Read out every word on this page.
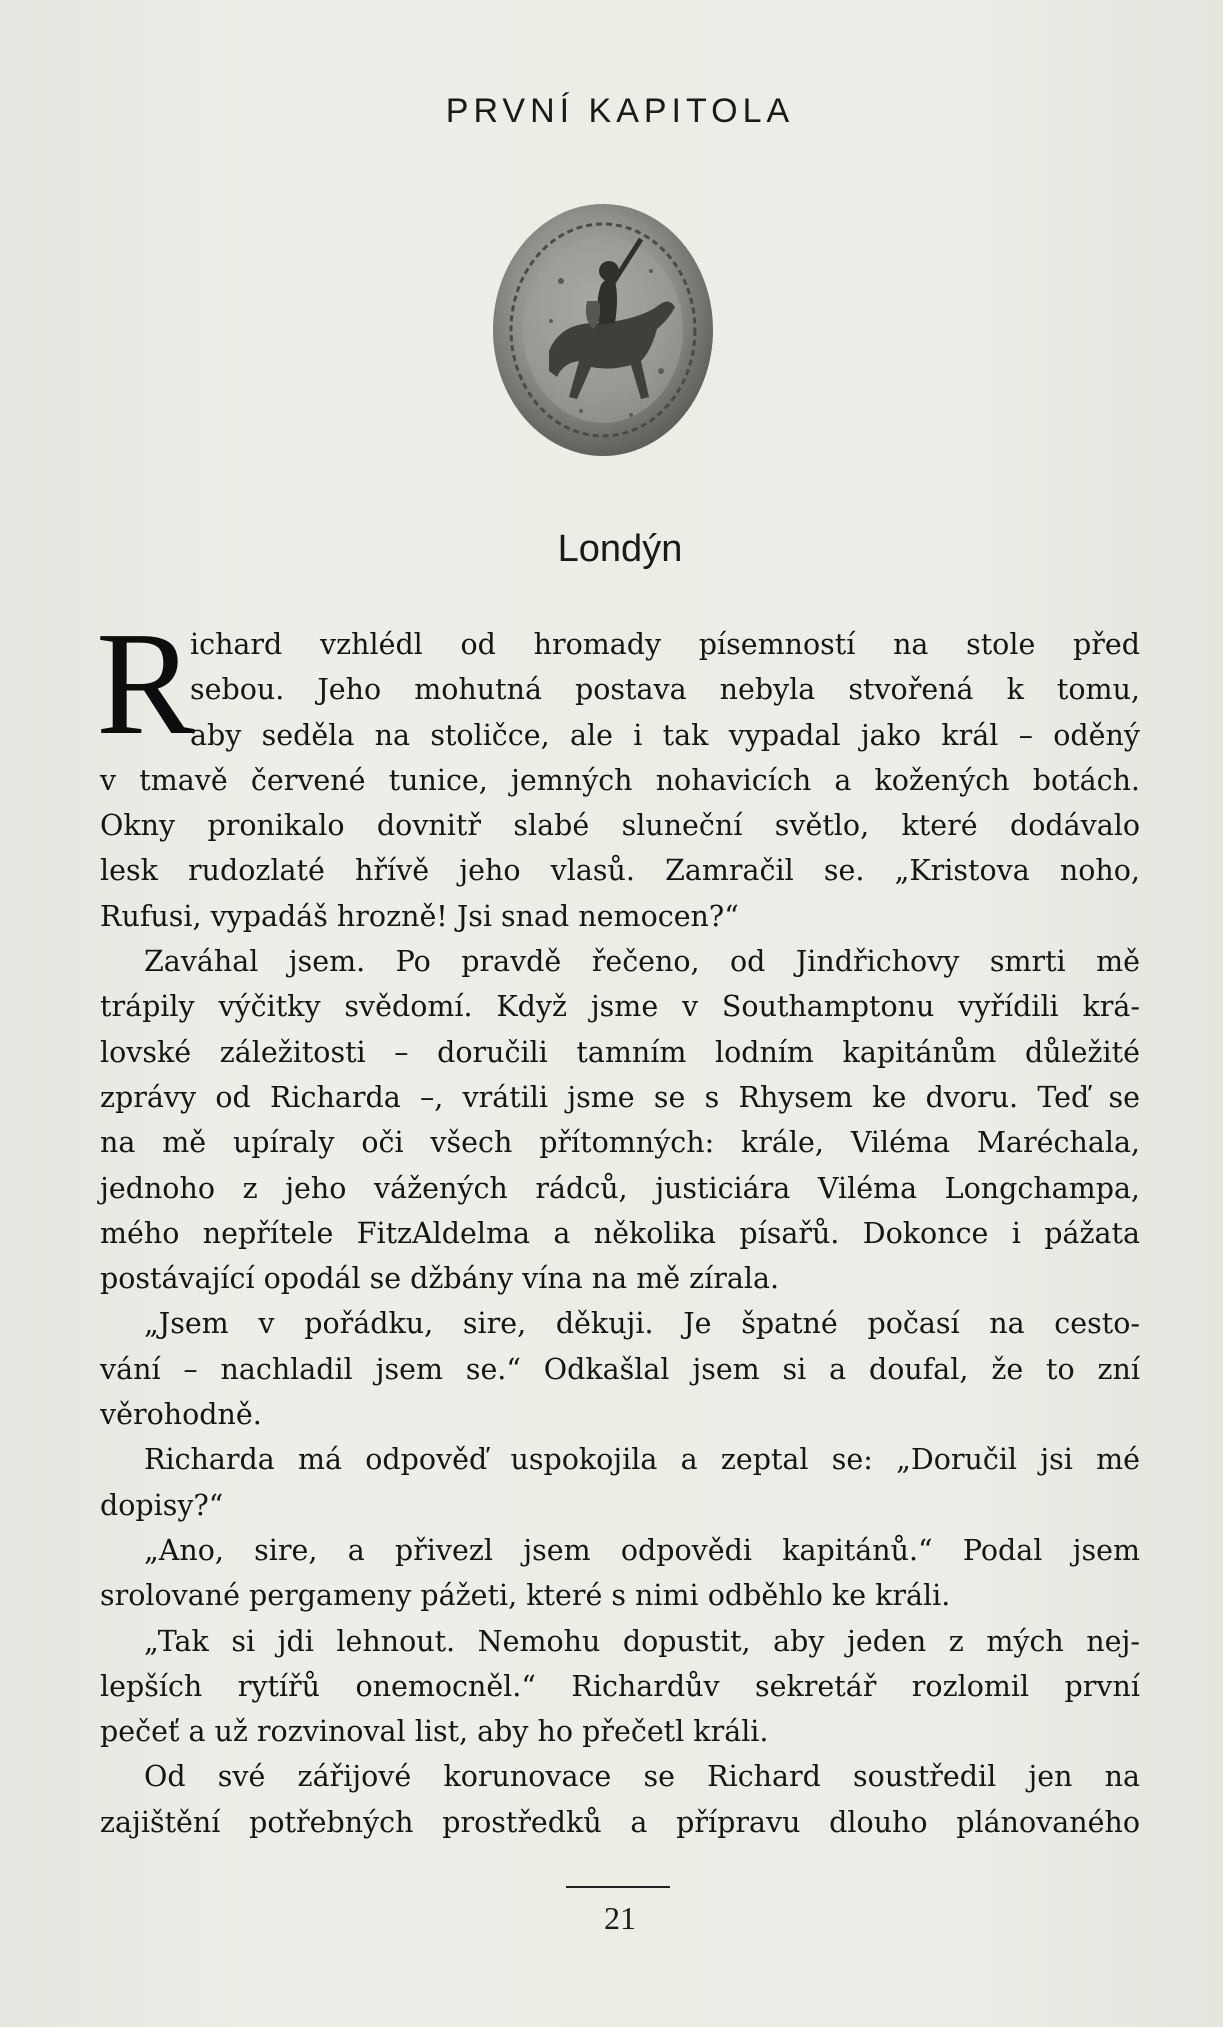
PRVNÍ KAPITOLA
Londýn
R
ichard vzhlédl od hromady písemností na stole před
sebou. Jeho mohutná postava nebyla stvořená k tomu,
aby seděla na stoličce, ale i tak vypadal jako král – oděný
v tmavě červené tunice, jemných nohavicích a kožených botách.
Okny pronikalo dovnitř slabé sluneční světlo, které dodávalo
lesk rudozlaté hřívě jeho vlasů. Zamračil se. „Kristova noho,
Rufusi, vypadáš hrozně! Jsi snad nemocen?“
Zaváhal jsem. Po pravdě řečeno, od Jindřichovy smrti mě
trápily výčitky svědomí. Když jsme v Southamptonu vyřídili krá-
lovské záležitosti – doručili tamním lodním kapitánům důležité
zprávy od Richarda –, vrátili jsme se s Rhysem ke dvoru. Teď se
na mě upíraly oči všech přítomných: krále, Viléma Maréchala,
jednoho z jeho vážených rádců, justiciára Viléma Longchampa,
mého nepřítele FitzAldelma a několika písařů. Dokonce i pážata
postávající opodál se džbány vína na mě zírala.
„Jsem v pořádku, sire, děkuji. Je špatné počasí na cesto-
vání – nachladil jsem se.“ Odkašlal jsem si a doufal, že to zní
věrohodně.
Richarda má odpověď uspokojila a zeptal se: „Doručil jsi mé
dopisy?“
„Ano, sire, a přivezl jsem odpovědi kapitánů.“ Podal jsem
srolované pergameny pážeti, které s nimi odběhlo ke králi.
„Tak si jdi lehnout. Nemohu dopustit, aby jeden z mých nej-
lepších rytířů onemocněl.“ Richardův sekretář rozlomil první
pečeť a už rozvinoval list, aby ho přečetl králi.
Od své zářijové korunovace se Richard soustředil jen na
zajištění potřebných prostředků a přípravu dlouho plánovaného
21
